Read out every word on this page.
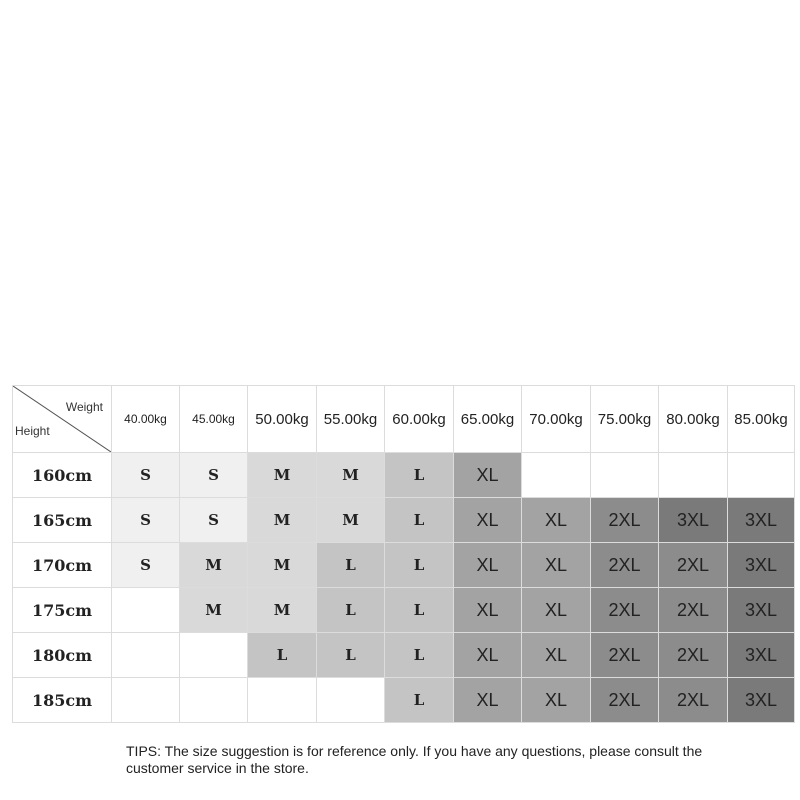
Weight
Height	40.00kg	45.00kg	50.00kg	55.00kg	60.00kg	65.00kg	70.00kg	75.00kg	80.00kg	85.00kg
160cm	S	S	M	M	L	XL				
165cm	S	S	M	M	L	XL	XL	2XL	3XL	3XL
170cm	S	M	M	L	L	XL	XL	2XL	2XL	3XL
175cm		M	M	L	L	XL	XL	2XL	2XL	3XL
180cm			L	L	L	XL	XL	2XL	2XL	3XL
185cm					L	XL	XL	2XL	2XL	3XL
TIPS: The size suggestion is for reference only. If you have any questions, please consult the customer service in the store.
